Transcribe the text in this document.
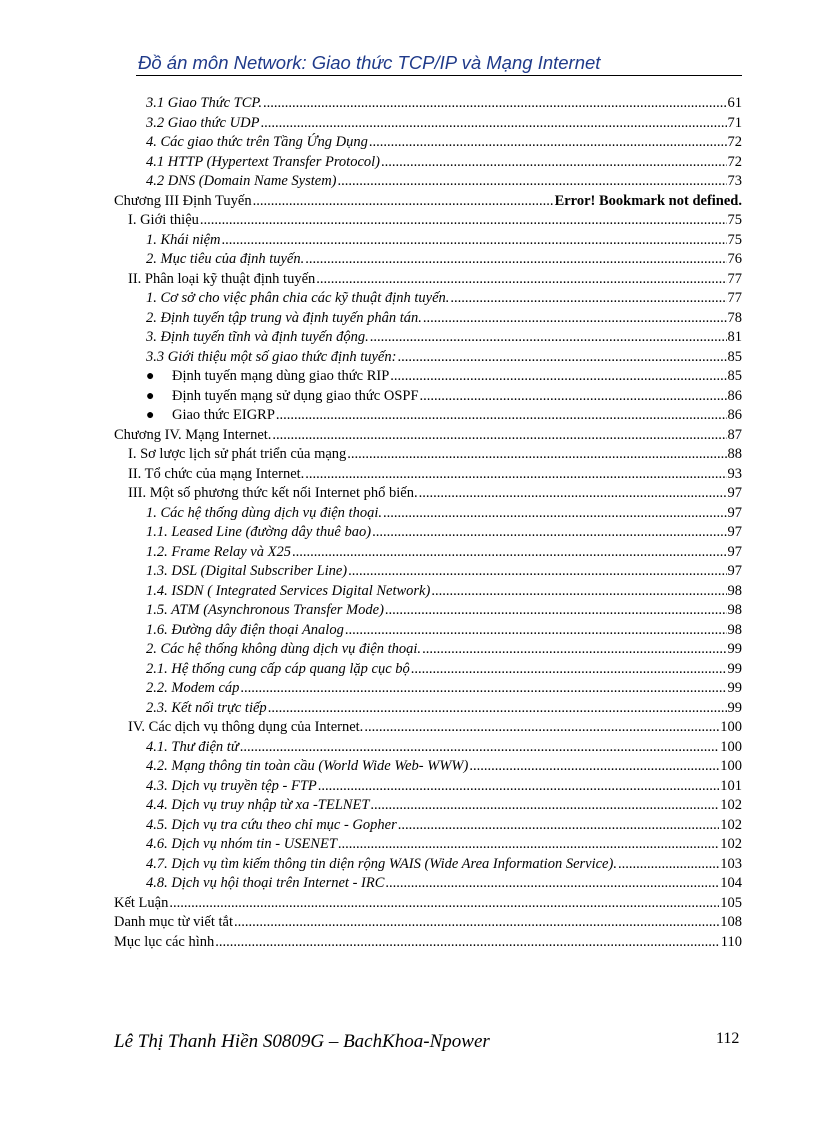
Đồ án môn Network: Giao thức TCP/IP và Mạng Internet
3.1 Giao Thức TCP. .....	61
3.2 Giao thức UDP .....	71
4. Các giao thức trên Tầng Ứng Dụng .....	72
4.1 HTTP (Hypertext Transfer Protocol) .....	72
4.2 DNS (Domain Name System) .....	73
Chương III Định Tuyến .....	Error! Bookmark not defined.
I. Giới thiệu .....	75
1. Khái niệm .....	75
2. Mục tiêu của định tuyến. .....	76
II. Phân loại kỹ thuật định tuyến .....	77
1. Cơ sở cho việc phân chia các kỹ thuật định tuyến. .....	77
2. Định tuyến tập trung và định tuyến phân tán. .....	78
3. Định tuyến tĩnh và định tuyến động. .....	81
3.3 Giới thiệu một số giao thức định tuyến: .....	85
● Định tuyến mạng dùng giao thức RIP .....	85
● Định tuyến mạng sử dụng giao thức OSPF .....	86
● Giao thức EIGRP .....	86
Chương IV. Mạng Internet. .....	87
I. Sơ lược lịch sử phát triển của mạng .....	88
II. Tổ chức của mạng Internet. .....	93
III. Một số phương thức kết nối Internet phổ biến. .....	97
1. Các hệ thống dùng dịch vụ điện thoại. .....	97
1.1. Leased Line (đường dây thuê bao) .....	97
1.2. Frame Relay và X25 .....	97
1.3. DSL (Digital Subscriber Line) .....	97
1.4. ISDN ( Integrated Services Digital Network) .....	98
1.5. ATM (Asynchronous Transfer Mode) .....	98
1.6. Đường dây điện thoại Analog .....	98
2. Các hệ thống không dùng dịch vụ điện thoại. .....	99
2.1. Hệ thống cung cấp cáp quang lặp cục bộ .....	99
2.2. Modem cáp .....	99
2.3. Kết nối trực tiếp .....	99
IV. Các dịch vụ thông dụng của Internet. .....	100
4.1. Thư điện tử .....	100
4.2. Mạng thông tin toàn cầu (World Wide Web- WWW) .....	100
4.3. Dịch vụ truyền tệp - FTP .....	101
4.4. Dịch vụ truy nhập từ xa -TELNET .....	102
4.5. Dịch vụ tra cứu theo chỉ mục - Gopher .....	102
4.6. Dịch vụ nhóm tin - USENET .....	102
4.7. Dịch vụ tìm kiếm thông tin diện rộng WAIS (Wide Area Information Service). .....	103
4.8. Dịch vụ hội thoại trên Internet - IRC .....	104
Kết Luận .....	105
Danh mục từ viết tắt .....	108
Mục lục các hình .....	110
Lê Thị Thanh Hiền S0809G – BachKhoa-Npower	112
